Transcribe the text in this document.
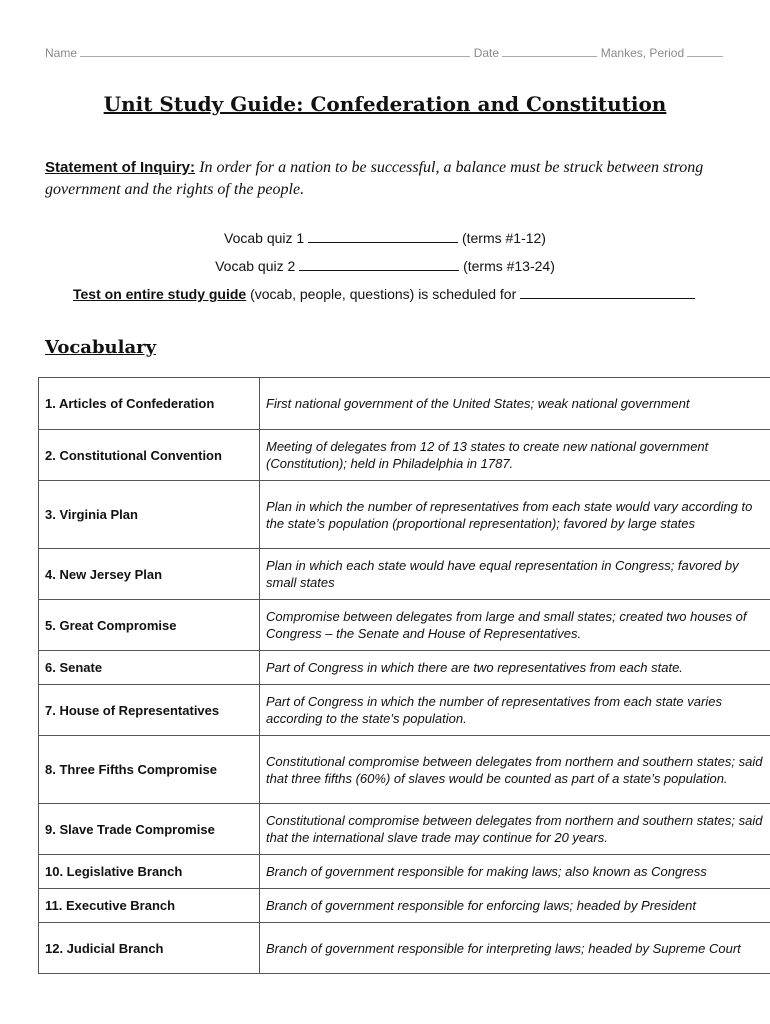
Name	Date	Mankes, Period
Unit Study Guide: Confederation and Constitution
Statement of Inquiry: In order for a nation to be successful, a balance must be struck between strong government and the rights of the people.
Vocab quiz 1	(terms #1-12)
Vocab quiz 2	(terms #13-24)
Test on entire study guide (vocab, people, questions) is scheduled for
Vocabulary
1. Articles of Confederation	First national government of the United States; weak national government
2. Constitutional Convention	Meeting of delegates from 12 of 13 states to create new national government (Constitution); held in Philadelphia in 1787.
3. Virginia Plan	Plan in which the number of representatives from each state would vary according to the state’s population (proportional representation); favored by large states
4. New Jersey Plan	Plan in which each state would have equal representation in Congress; favored by small states
5. Great Compromise	Compromise between delegates from large and small states; created two houses of Congress – the Senate and House of Representatives.
6. Senate	Part of Congress in which there are two representatives from each state.
7. House of Representatives	Part of Congress in which the number of representatives from each state varies according to the state’s population.
8. Three Fifths Compromise	Constitutional compromise between delegates from northern and southern states; said that three fifths (60%) of slaves would be counted as part of a state’s population.
9. Slave Trade Compromise	Constitutional compromise between delegates from northern and southern states; said that the international slave trade may continue for 20 years.
10. Legislative Branch	Branch of government responsible for making laws; also known as Congress
11. Executive Branch	Branch of government responsible for enforcing laws; headed by President
12. Judicial Branch	Branch of government responsible for interpreting laws; headed by Supreme Court
